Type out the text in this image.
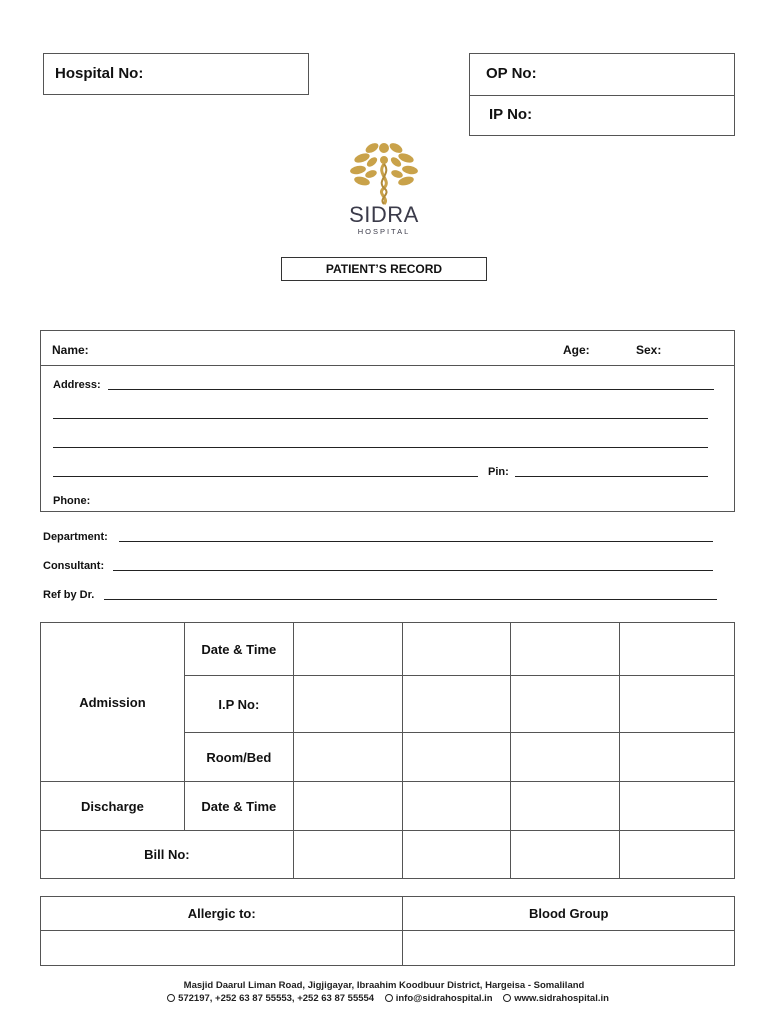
Hospital No:	OP No:
IP No:
SIDRA
HOSPITAL
PATIENT’S RECORD
Name:	Age:	Sex:
Address:
Pin:
Phone:
Department:
Consultant:
Ref by Dr.
Admission	Date & Time				
	I.P No:				
	Room/Bed				
Discharge	Date & Time				
Bill No:					
Allergic to:	Blood Group

Masjid Daarul Liman Road, Jigjigayar, Ibraahim Koodbuur District, Hargeisa - Somaliland
572197, +252 63 87 55553, +252 63 87 55554 info@sidrahospital.in www.sidrahospital.in
